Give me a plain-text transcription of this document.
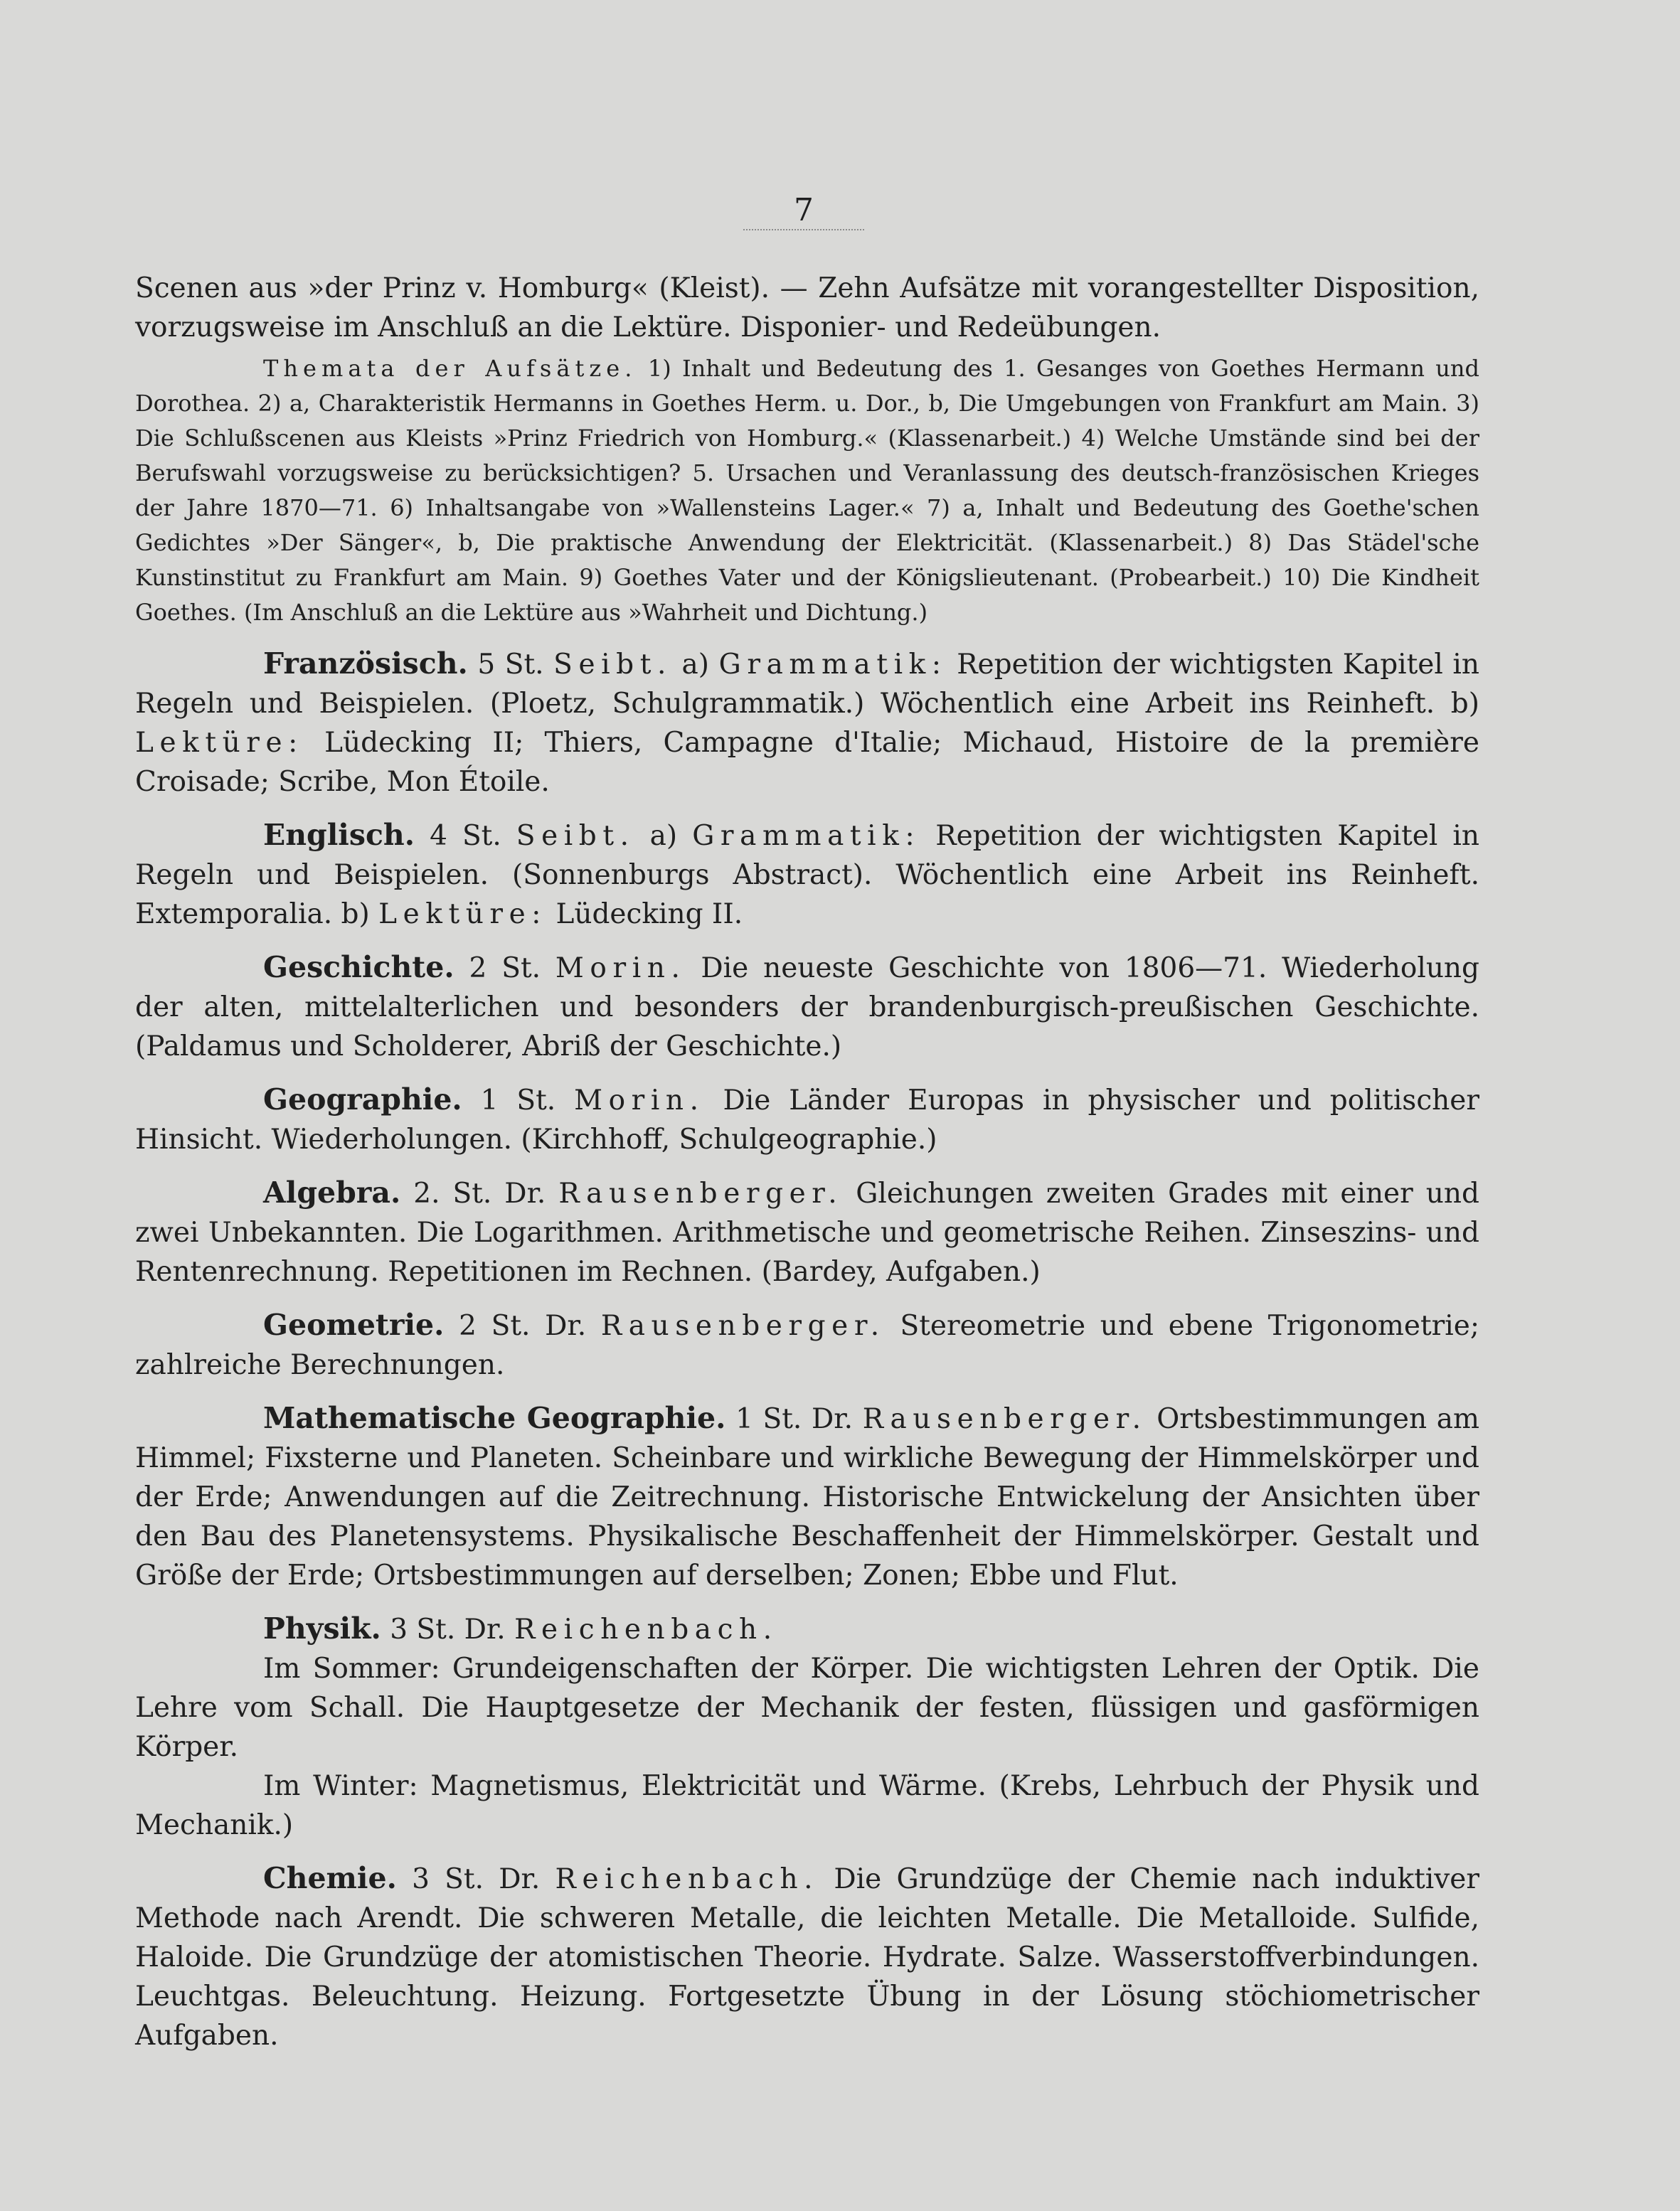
7

Scenen aus »der Prinz v. Homburg« (Kleist). — Zehn Aufsätze mit vorangestellter Disposition, vorzugsweise im Anschluß an die Lektüre. Disponier- und Redeübungen.

Themata der Aufsätze. 1) Inhalt und Bedeutung des 1. Gesanges von Goethes Hermann und Dorothea. 2) a, Charakteristik Hermanns in Goethes Herm. u. Dor., b, Die Umgebungen von Frankfurt am Main. 3) Die Schlußscenen aus Kleists »Prinz Friedrich von Homburg.« (Klassenarbeit.) 4) Welche Umstände sind bei der Berufswahl vorzugsweise zu berücksichtigen? 5. Ursachen und Veranlassung des deutsch-französischen Krieges der Jahre 1870—71. 6) Inhaltsangabe von »Wallensteins Lager.« 7) a, Inhalt und Bedeutung des Goethe'schen Gedichtes »Der Sänger«, b, Die praktische Anwendung der Elektricität. (Klassenarbeit.) 8) Das Städel'sche Kunstinstitut zu Frankfurt am Main. 9) Goethes Vater und der Königslieutenant. (Probearbeit.) 10) Die Kindheit Goethes. (Im Anschluß an die Lektüre aus »Wahrheit und Dichtung.)

Französisch. 5 St. Seibt. a) Grammatik: Repetition der wichtigsten Kapitel in Regeln und Beispielen. (Ploetz, Schulgrammatik.) Wöchentlich eine Arbeit ins Reinheft. b) Lektüre: Lüdecking II; Thiers, Campagne d'Italie; Michaud, Histoire de la première Croisade; Scribe, Mon Étoile.

Englisch. 4 St. Seibt. a) Grammatik: Repetition der wichtigsten Kapitel in Regeln und Beispielen. (Sonnenburgs Abstract). Wöchentlich eine Arbeit ins Reinheft. Extemporalia. b) Lektüre: Lüdecking II.

Geschichte. 2 St. Morin. Die neueste Geschichte von 1806—71. Wiederholung der alten, mittelalterlichen und besonders der brandenburgisch-preußischen Geschichte. (Paldamus und Scholderer, Abriß der Geschichte.)

Geographie. 1 St. Morin. Die Länder Europas in physischer und politischer Hinsicht. Wiederholungen. (Kirchhoff, Schulgeographie.)

Algebra. 2. St. Dr. Rausenberger. Gleichungen zweiten Grades mit einer und zwei Unbekannten. Die Logarithmen. Arithmetische und geometrische Reihen. Zinseszins- und Rentenrechnung. Repetitionen im Rechnen. (Bardey, Aufgaben.)

Geometrie. 2 St. Dr. Rausenberger. Stereometrie und ebene Trigonometrie; zahlreiche Berechnungen.

Mathematische Geographie. 1 St. Dr. Rausenberger. Ortsbestimmungen am Himmel; Fixsterne und Planeten. Scheinbare und wirkliche Bewegung der Himmelskörper und der Erde; Anwendungen auf die Zeitrechnung. Historische Entwickelung der Ansichten über den Bau des Planetensystems. Physikalische Beschaffenheit der Himmelskörper. Gestalt und Größe der Erde; Ortsbestimmungen auf derselben; Zonen; Ebbe und Flut.

Physik. 3 St. Dr. Reichenbach.

Im Sommer: Grundeigenschaften der Körper. Die wichtigsten Lehren der Optik. Die Lehre vom Schall. Die Hauptgesetze der Mechanik der festen, flüssigen und gasförmigen Körper.

Im Winter: Magnetismus, Elektricität und Wärme. (Krebs, Lehrbuch der Physik und Mechanik.)

Chemie. 3 St. Dr. Reichenbach. Die Grundzüge der Chemie nach induktiver Methode nach Arendt. Die schweren Metalle, die leichten Metalle. Die Metalloide. Sulfide, Haloide. Die Grundzüge der atomistischen Theorie. Hydrate. Salze. Wasserstoffverbindungen. Leuchtgas. Beleuchtung. Heizung. Fortgesetzte Übung in der Lösung stöchiometrischer Aufgaben.
